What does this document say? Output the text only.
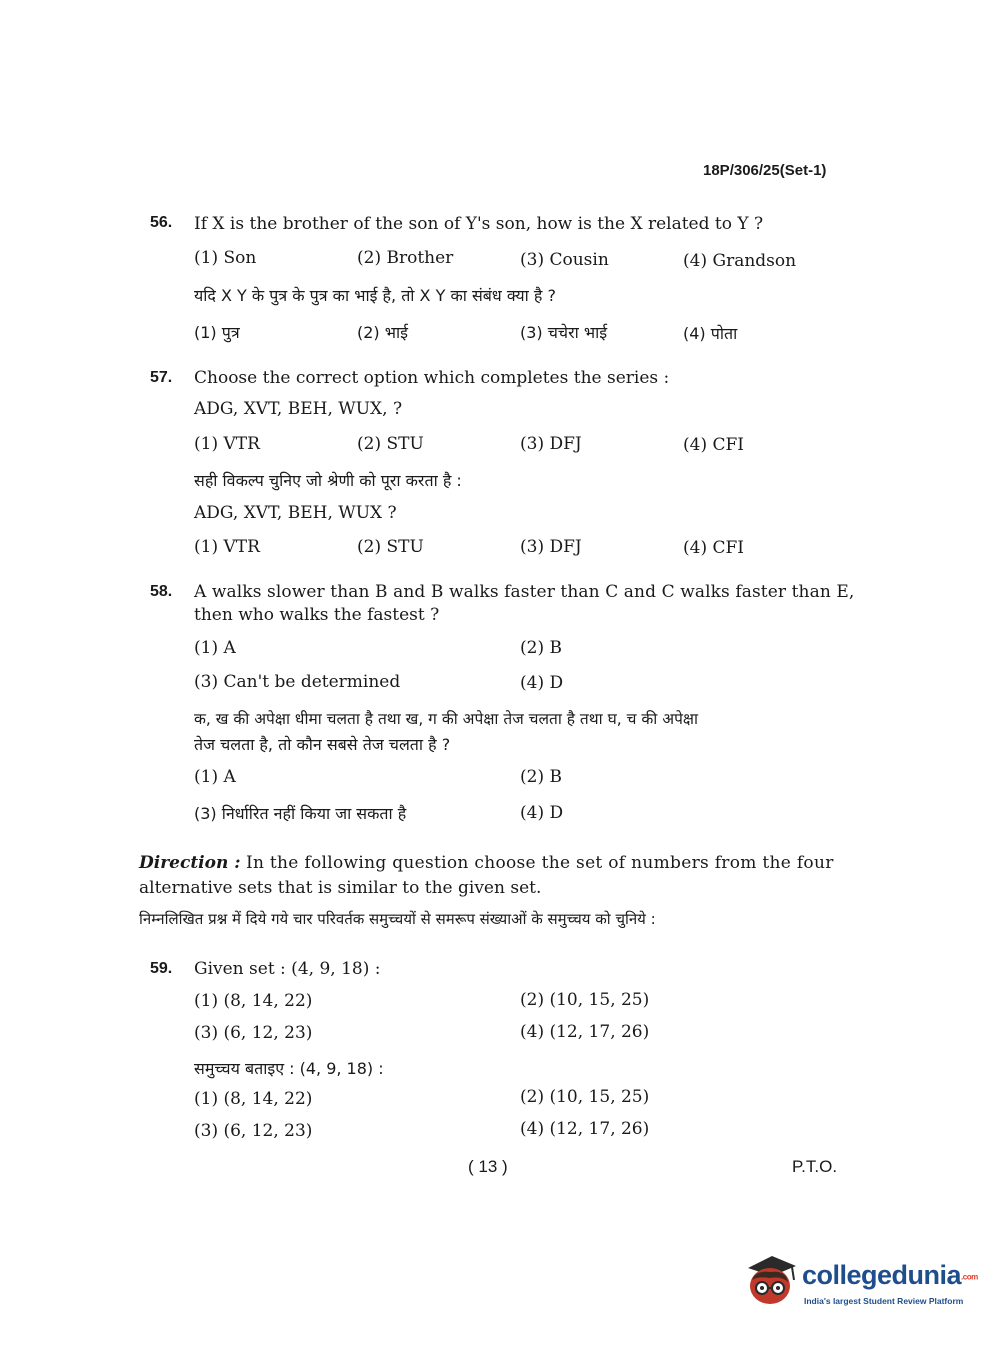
18P/306/25(Set-1)
56. If X is the brother of the son of Y's son, how is the X related to Y ?
(1) Son	(2) Brother	(3) Cousin	(4) Grandson
यदि X Y के पुत्र के पुत्र का भाई है, तो X Y का संबंध क्या है ?
(1) पुत्र	(2) भाई	(3) चचेरा भाई	(4) पोता
57. Choose the correct option which completes the series :
ADG, XVT, BEH, WUX, ?
(1) VTR	(2) STU	(3) DFJ	(4) CFI
सही विकल्प चुनिए जो श्रेणी को पूरा करता है :
ADG, XVT, BEH, WUX ?
(1) VTR	(2) STU	(3) DFJ	(4) CFI
58. A walks slower than B and B walks faster than C and C walks faster than E,
then who walks the fastest ?
(1) A	(2) B
(3) Can't be determined	(4) D
क, ख की अपेक्षा धीमा चलता है तथा ख, ग की अपेक्षा तेज चलता है तथा घ, च की अपेक्षा
तेज चलता है, तो कौन सबसे तेज चलता है ?
(1) A	(2) B
(3) निर्धारित नहीं किया जा सकता है	(4) D
Direction : In the following question choose the set of numbers from the four
alternative sets that is similar to the given set.
निम्नलिखित प्रश्न में दिये गये चार परिवर्तक समुच्चयों से समरूप संख्याओं के समुच्चय को चुनिये :
59. Given set : (4, 9, 18) :
(1) (8, 14, 22)	(2) (10, 15, 25)
(3) (6, 12, 23)	(4) (12, 17, 26)
समुच्चय बताइए : (4, 9, 18) :
(1) (8, 14, 22)	(2) (10, 15, 25)
(3) (6, 12, 23)	(4) (12, 17, 26)
( 13 )	P.T.O.
collegedunia.com
India's largest Student Review Platform
